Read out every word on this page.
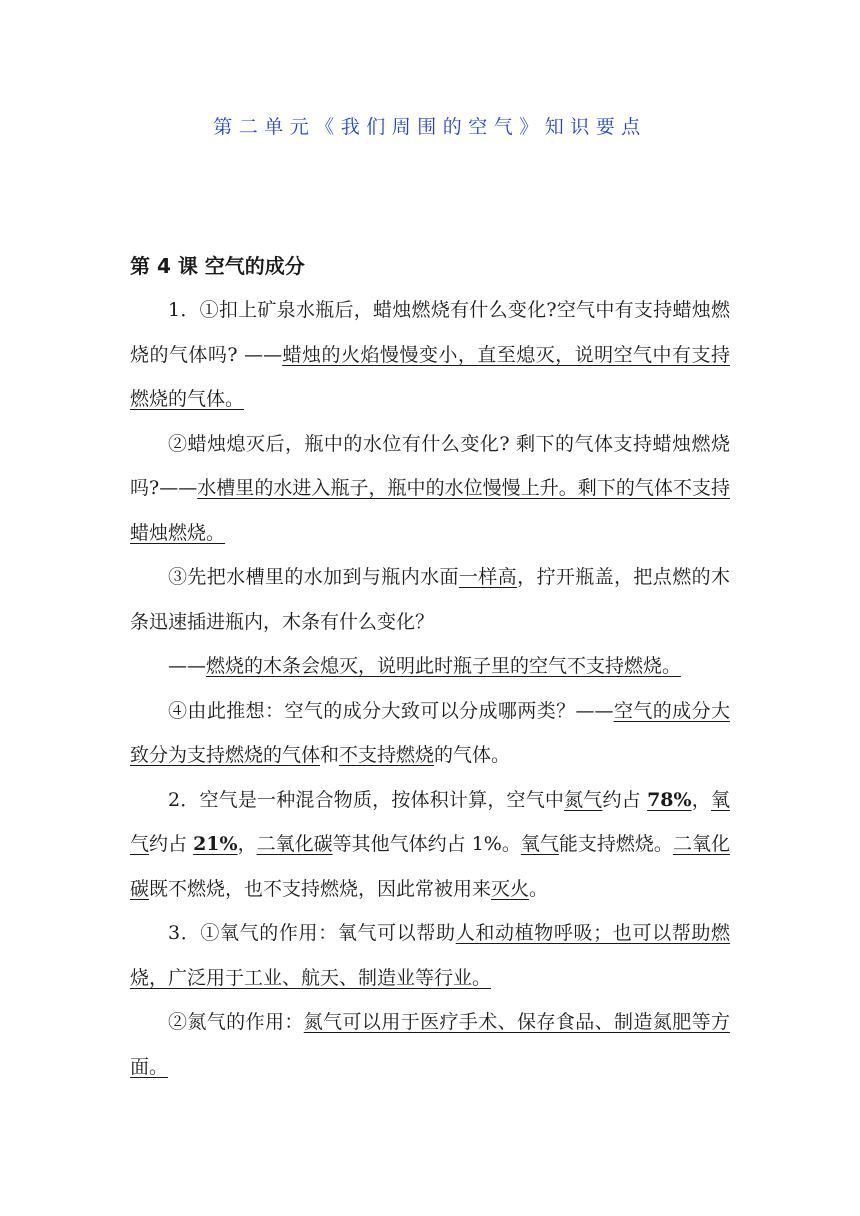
第二单元《我们周围的空气》知识要点
第 4 课 空气的成分

1．①扣上矿泉水瓶后，蜡烛燃烧有什么变化?空气中有支持蜡烛燃烧的气体吗? ——蜡烛的火焰慢慢变小，直至熄灭，说明空气中有支持燃烧的气体。

②蜡烛熄灭后，瓶中的水位有什么变化? 剩下的气体支持蜡烛燃烧吗?——水槽里的水进入瓶子，瓶中的水位慢慢上升。剩下的气体不支持蜡烛燃烧。

③先把水槽里的水加到与瓶内水面一样高，拧开瓶盖，把点燃的木条迅速插进瓶内，木条有什么变化？

——燃烧的木条会熄灭，说明此时瓶子里的空气不支持燃烧。

④由此推想：空气的成分大致可以分成哪两类？——空气的成分大致分为支持燃烧的气体和不支持燃烧的气体。

2．空气是一种混合物质，按体积计算，空气中氮气约占 78%，氧气约占 21%，二氧化碳等其他气体约占 1%。氧气能支持燃烧。二氧化碳既不燃烧，也不支持燃烧，因此常被用来灭火。

3．①氧气的作用：氧气可以帮助人和动植物呼吸；也可以帮助燃烧，广泛用于工业、航天、制造业等行业。

②氮气的作用：氮气可以用于医疗手术、保存食品、制造氮肥等方面。
